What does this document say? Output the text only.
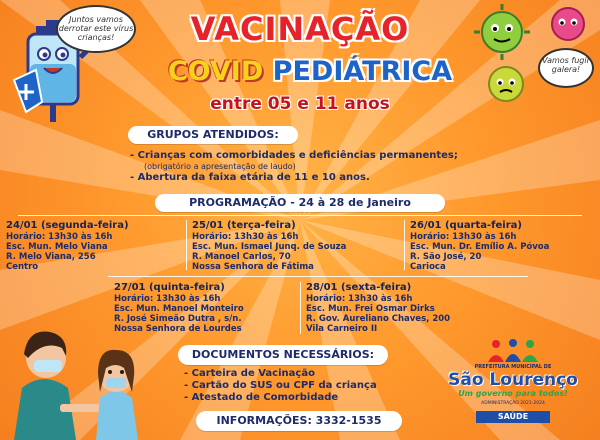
Juntos vamos derrotar este vírus crianças!
Vamos fugir galera!
VACINAÇÃO
COVID PEDIÁTRICA
entre 05 e 11 anos
GRUPOS ATENDIDOS:
- Crianças com comorbidades e deficiências permanentes;
(obrigatório a apresentação de laudo)
- Abertura da faixa etária de 11 e 10 anos.
PROGRAMAÇÃO - 24 à 28 de Janeiro
24/01 (segunda-feira)
Horário: 13h30 às 16h
Esc. Mun. Melo Viana
R. Melo Viana, 256
Centro
25/01 (terça-feira)
Horário: 13h30 às 16h
Esc. Mun. Ismael Junq. de Souza
R. Manoel Carlos, 70
Nossa Senhora de Fátima
26/01 (quarta-feira)
Horário: 13h30 às 16h
Esc. Mun. Dr. Emílio A. Póvoa
R. São José, 20
Carioca
27/01 (quinta-feira)
Horário: 13h30 às 16h
Esc. Mun. Manoel Monteiro
R. José Simeão Dutra , s/n.
Nossa Senhora de Lourdes
28/01 (sexta-feira)
Horário: 13h30 às 16h
Esc. Mun. Frei Osmar Dirks
R. Gov. Aureliano Chaves, 200
Vila Carneiro II
DOCUMENTOS NECESSÁRIOS:
- Carteira de Vacinação
- Cartão do SUS ou CPF da criança
- Atestado de Comorbidade
INFORMAÇÕES: 3332-1535
PREFEITURA MUNICIPAL DE
São Lourenço
Um governo para todos!
ADMINISTRAÇÃO 2021-2024
SAÚDE
